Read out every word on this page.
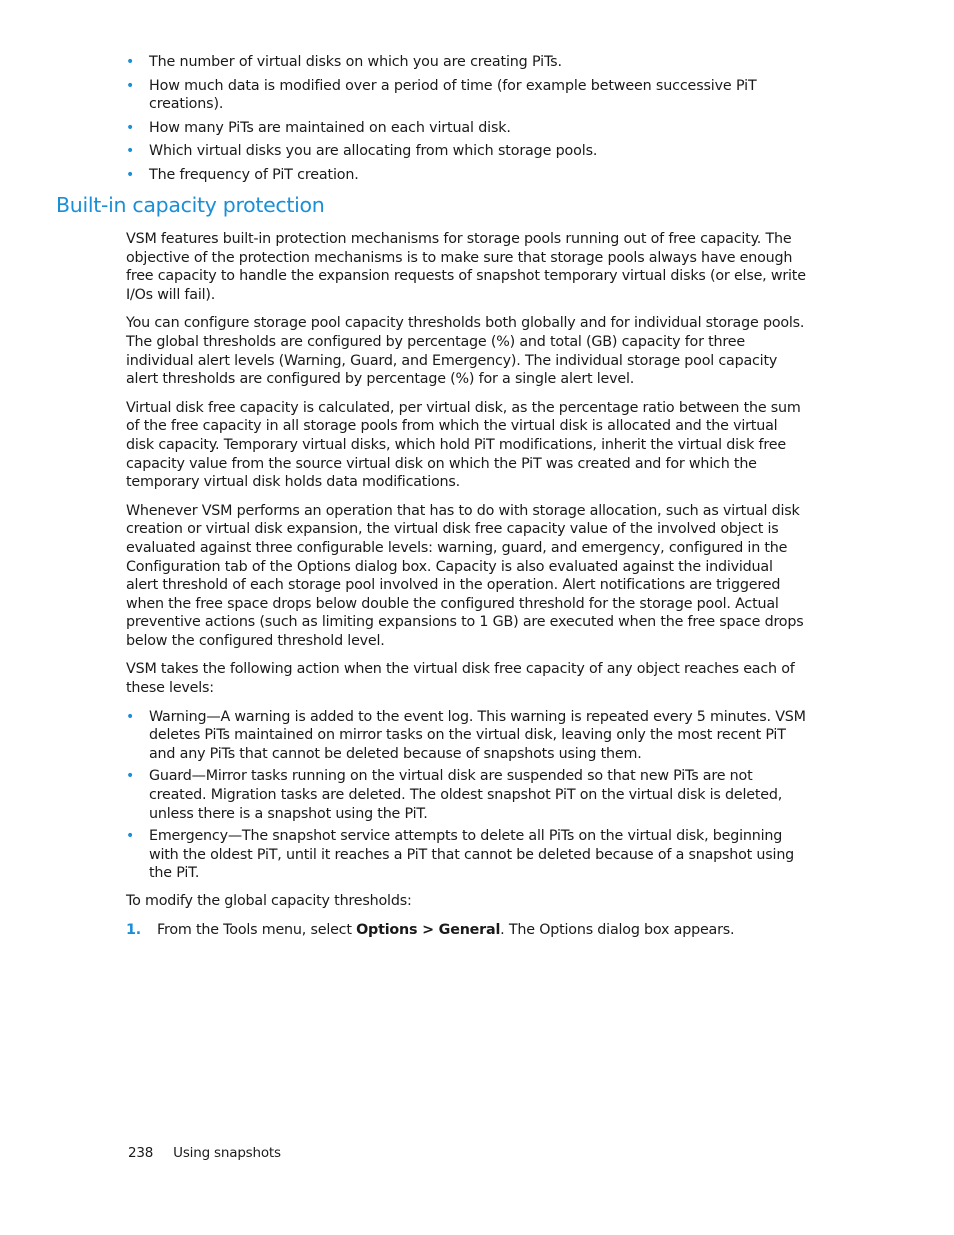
• The number of virtual disks on which you are creating PiTs.
• How much data is modified over a period of time (for example between successive PiT creations).
• How many PiTs are maintained on each virtual disk.
• Which virtual disks you are allocating from which storage pools.
• The frequency of PiT creation.
Built-in capacity protection

VSM features built-in protection mechanisms for storage pools running out of free capacity. The objective of the protection mechanisms is to make sure that storage pools always have enough free capacity to handle the expansion requests of snapshot temporary virtual disks (or else, write I/Os will fail).

You can configure storage pool capacity thresholds both globally and for individual storage pools. The global thresholds are configured by percentage (%) and total (GB) capacity for three individual alert levels (Warning, Guard, and Emergency). The individual storage pool capacity alert thresholds are configured by percentage (%) for a single alert level.

Virtual disk free capacity is calculated, per virtual disk, as the percentage ratio between the sum of the free capacity in all storage pools from which the virtual disk is allocated and the virtual disk capacity. Temporary virtual disks, which hold PiT modifications, inherit the virtual disk free capacity value from the source virtual disk on which the PiT was created and for which the temporary virtual disk holds data modifications.

Whenever VSM performs an operation that has to do with storage allocation, such as virtual disk creation or virtual disk expansion, the virtual disk free capacity value of the involved object is evaluated against three configurable levels: warning, guard, and emergency, configured in the Configuration tab of the Options dialog box. Capacity is also evaluated against the individual alert threshold of each storage pool involved in the operation. Alert notifications are triggered when the free space drops below double the configured threshold for the storage pool. Actual preventive actions (such as limiting expansions to 1 GB) are executed when the free space drops below the configured threshold level.

VSM takes the following action when the virtual disk free capacity of any object reaches each of these levels:

• Warning—A warning is added to the event log. This warning is repeated every 5 minutes. VSM deletes PiTs maintained on mirror tasks on the virtual disk, leaving only the most recent PiT and any PiTs that cannot be deleted because of snapshots using them.
• Guard—Mirror tasks running on the virtual disk are suspended so that new PiTs are not created. Migration tasks are deleted. The oldest snapshot PiT on the virtual disk is deleted, unless there is a snapshot using the PiT.
• Emergency—The snapshot service attempts to delete all PiTs on the virtual disk, beginning with the oldest PiT, until it reaches a PiT that cannot be deleted because of a snapshot using the PiT.

To modify the global capacity thresholds:

1. From the Tools menu, select Options > General. The Options dialog box appears.

238 Using snapshots
